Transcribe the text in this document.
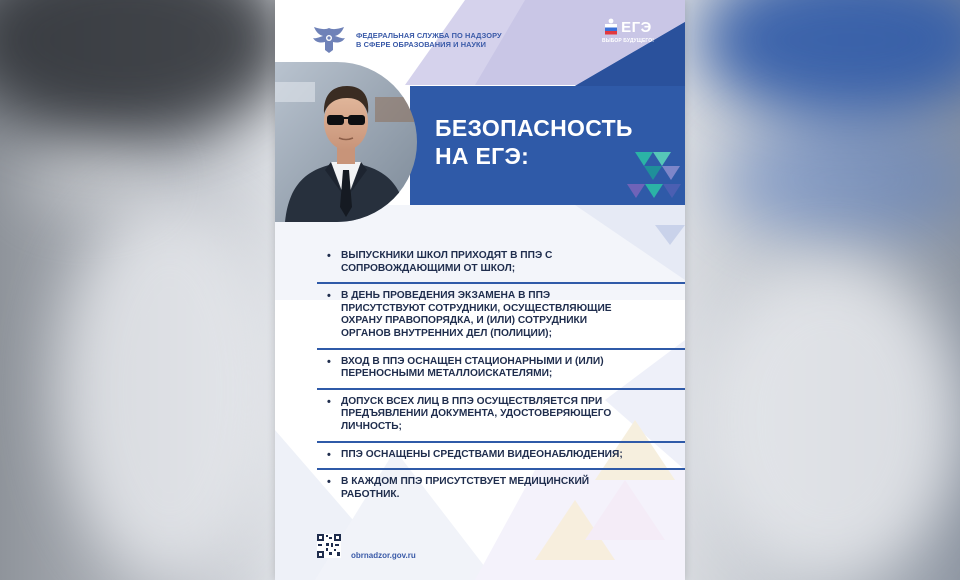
ФЕДЕРАЛЬНАЯ СЛУЖБА ПО НАДЗОРУ
В СФЕРЕ ОБРАЗОВАНИЯ И НАУКИ
ЕГЭ
ВЫБОР БУДУЩЕГО!
БЕЗОПАСНОСТЬ
НА ЕГЭ:
• ВЫПУСКНИКИ ШКОЛ ПРИХОДЯТ В ППЭ С
СОПРОВОЖДАЮЩИМИ ОТ ШКОЛ;
• В ДЕНЬ ПРОВЕДЕНИЯ ЭКЗАМЕНА В ППЭ
ПРИСУТСТВУЮТ СОТРУДНИКИ, ОСУЩЕСТВЛЯЮЩИЕ
ОХРАНУ ПРАВОПОРЯДКА, И (ИЛИ) СОТРУДНИКИ
ОРГАНОВ ВНУТРЕННИХ ДЕЛ (ПОЛИЦИИ);
• ВХОД В ППЭ ОСНАЩЕН СТАЦИОНАРНЫМИ И (ИЛИ)
ПЕРЕНОСНЫМИ МЕТАЛЛОИСКАТЕЛЯМИ;
• ДОПУСК ВСЕХ ЛИЦ В ППЭ ОСУЩЕСТВЛЯЕТСЯ ПРИ
ПРЕДЪЯВЛЕНИИ ДОКУМЕНТА, УДОСТОВЕРЯЮЩЕГО
ЛИЧНОСТЬ;
• ППЭ ОСНАЩЕНЫ СРЕДСТВАМИ ВИДЕОНАБЛЮДЕНИЯ;
• В КАЖДОМ ППЭ ПРИСУТСТВУЕТ МЕДИЦИНСКИЙ
РАБОТНИК.
obrnadzor.gov.ru
